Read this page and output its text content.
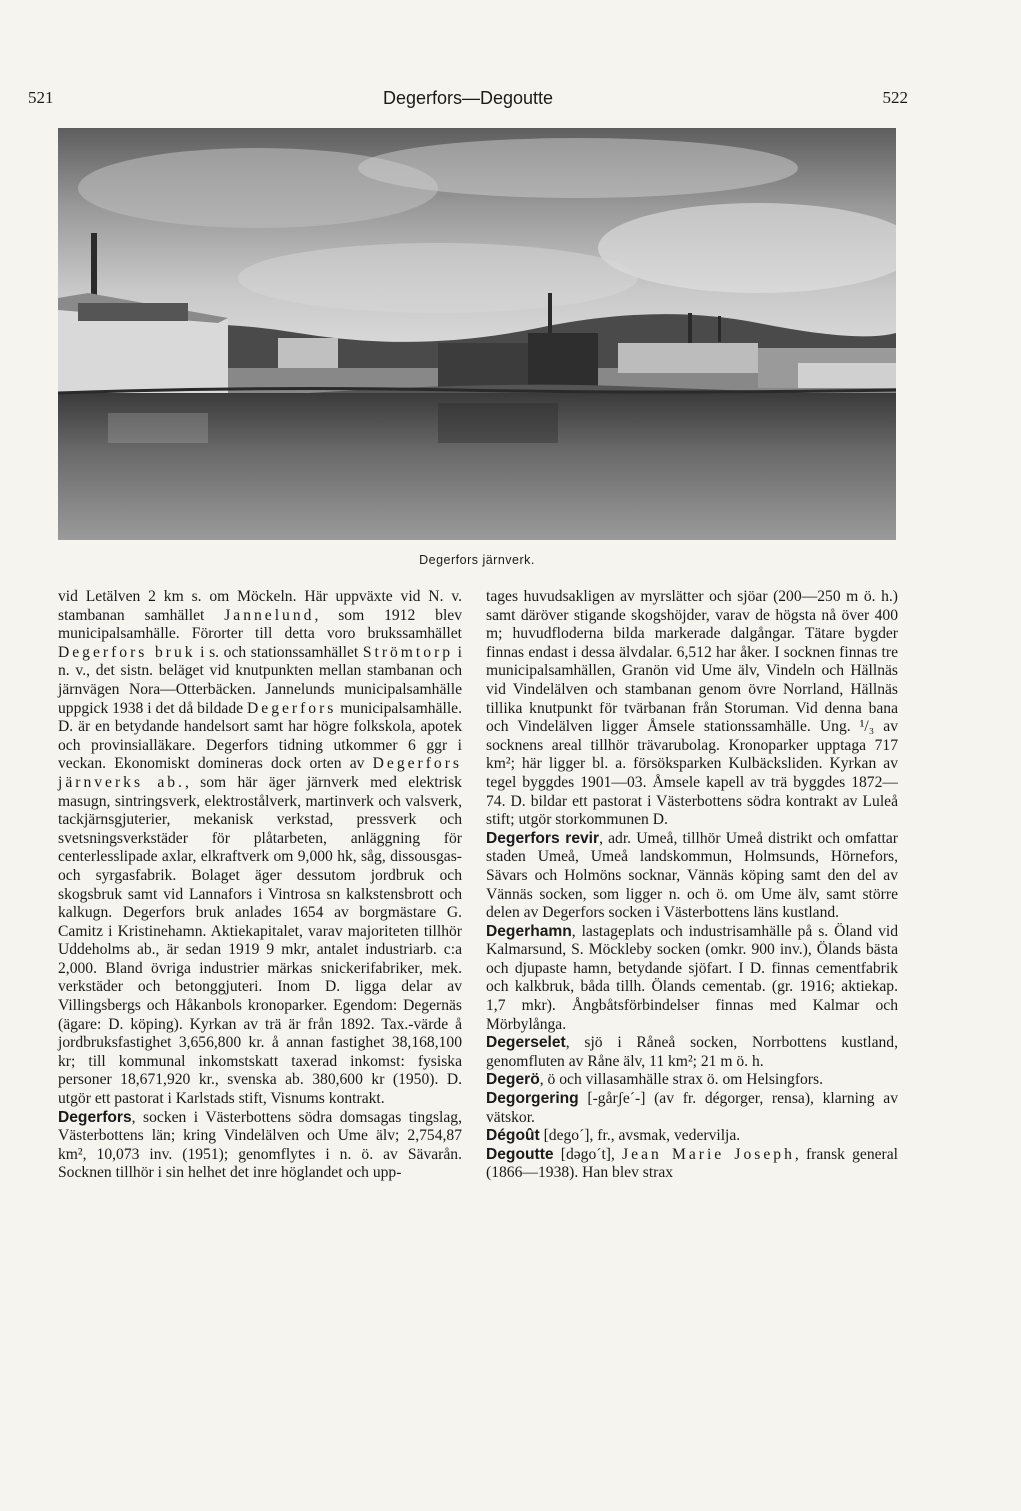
521	Degerfors—Degoutte	522
Degerfors järnverk.

vid Letälven 2 km s. om Möckeln. Här uppväxte vid N. v. stambanan samhället Jannelund, som 1912 blev municipalsamhälle. Förorter till detta voro brukssamhället Degerfors bruk i s. och stationssamhället Strömtorp i n. v., det sistn. beläget vid knutpunkten mellan stambanan och järnvägen Nora—Otterbäcken. Jannelunds municipalsamhälle uppgick 1938 i det då bildade Degerfors municipalsamhälle. D. är en betydande handelsort samt har högre folkskola, apotek och provinsialläkare. Degerfors tidning utkommer 6 ggr i veckan. Ekonomiskt domineras dock orten av Degerfors järnverks ab., som här äger järnverk med elektrisk masugn, sintringsverk, elektrostålverk, martinverk och valsverk, tackjärnsgjuterier, mekanisk verkstad, pressverk och svetsningsverkstäder för plåtarbeten, anläggning för centerlesslipade axlar, elkraftverk om 9,000 hk, såg, dissousgas- och syrgasfabrik. Bolaget äger dessutom jordbruk och skogsbruk samt vid Lannafors i Vintrosa sn kalkstensbrott och kalkugn. Degerfors bruk anlades 1654 av borgmästare G. Camitz i Kristinehamn. Aktiekapitalet, varav majoriteten tillhör Uddeholms ab., är sedan 1919 9 mkr, antalet industriarb. c:a 2,000. Bland övriga industrier märkas snickerifabriker, mek. verkstäder och betonggjuteri. Inom D. ligga delar av Villingsbergs och Håkanbols kronoparker. Egendom: Degernäs (ägare: D. köping). Kyrkan av trä är från 1892. Tax.-värde å jordbruksfastighet 3,656,800 kr. å annan fastighet 38,168,100 kr; till kommunal inkomstskatt taxerad inkomst: fysiska personer 18,671,920 kr., svenska ab. 380,600 kr (1950). D. utgör ett pastorat i Karlstads stift, Visnums kontrakt.

Degerfors, socken i Västerbottens södra domsagas tingslag, Västerbottens län; kring Vindelälven och Ume älv; 2,754,87 km², 10,073 inv. (1951); genomflytes i n. ö. av Sävarån. Socknen tillhör i sin helhet det inre höglandet och upp-

tages huvudsakligen av myrslätter och sjöar (200—250 m ö. h.) samt däröver stigande skogshöjder, varav de högsta nå över 400 m; huvudfloderna bilda markerade dalgångar. Tätare bygder finnas endast i dessa älvdalar. 6,512 har åker. I socknen finnas tre municipalsamhällen, Granön vid Ume älv, Vindeln och Hällnäs vid Vindelälven och stambanan genom övre Norrland, Hällnäs tillika knutpunkt för tvärbanan från Storuman. Vid denna bana och Vindelälven ligger Åmsele stationssamhälle. Ung. ¹/₃ av socknens areal tillhör trävarubolag. Kronoparker upptaga 717 km²; här ligger bl. a. försöksparken Kulbäcksliden. Kyrkan av tegel byggdes 1901—03. Åmsele kapell av trä byggdes 1872—74. D. bildar ett pastorat i Västerbottens södra kontrakt av Luleå stift; utgör storkommunen D.

Degerfors revir, adr. Umeå, tillhör Umeå distrikt och omfattar staden Umeå, Umeå landskommun, Holmsunds, Hörnefors, Sävars och Holmöns socknar, Vännäs köping samt den del av Vännäs socken, som ligger n. och ö. om Ume älv, samt större delen av Degerfors socken i Västerbottens läns kustland.

Degerhamn, lastageplats och industrisamhälle på s. Öland vid Kalmarsund, S. Möckleby socken (omkr. 900 inv.), Ölands bästa och djupaste hamn, betydande sjöfart. I D. finnas cementfabrik och kalkbruk, båda tillh. Ölands cementab. (gr. 1916; aktiekap. 1,7 mkr). Ångbåtsförbindelser finnas med Kalmar och Mörbylånga.

Degerselet, sjö i Råneå socken, Norrbottens kustland, genomfluten av Råne älv, 11 km²; 21 m ö. h.

Degerö, ö och villasamhälle strax ö. om Helsingfors.

Degorgering [-gårʃe´-] (av fr. dégorger, rensa), klarning av vätskor.

Dégoût [dego´], fr., avsmak, vedervilja.

Degoutte [dəgo´t], Jean Marie Joseph, fransk general (1866—1938). Han blev strax
